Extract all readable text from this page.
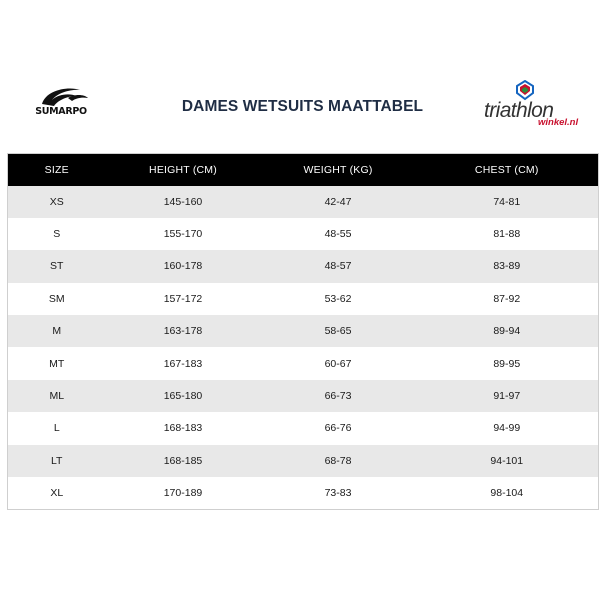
SUMARPO	DAMES WETSUITS MAATTABEL	triathlon
winkel.nl
SIZE	HEIGHT (CM)	WEIGHT (KG)	CHEST (CM)
XS	145-160	42-47	74-81
S	155-170	48-55	81-88
ST	160-178	48-57	83-89
SM	157-172	53-62	87-92
M	163-178	58-65	89-94
MT	167-183	60-67	89-95
ML	165-180	66-73	91-97
L	168-183	66-76	94-99
LT	168-185	68-78	94-101
XL	170-189	73-83	98-104
